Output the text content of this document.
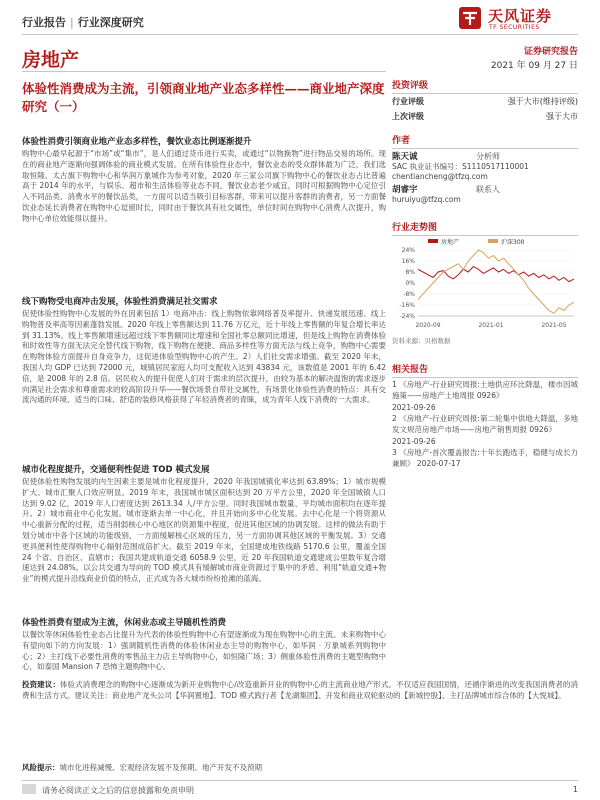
行业报告 | 行业深度研究	天风证券
TF SECURITIES
房地产	证券研究报告
2021 年 09 月 27 日
体验性消费成为主流，引领商业地产业态多样性——商业地产深度研究（一）
投资评级
行业评级	强于大市(维持评级)
上次评级	强于大市
作者
陈天诚	分析师
SAC 执业证书编号：S1110517110001
chentiancheng@tfzq.com
胡睿宇	联系人
huruiyu@tfzq.com
行业走势图
24%
16%
8%
0%
-8%
-16%
-24%
2020-09	2021-01	2021-05
房地产	沪深300
资料来源：贝格数据
相关报告
1 《房地产-行业研究周报:土地供应环比降温，楼市因城施策——房地产土地周报 0926》
2021-09-26
2 《房地产-行业研究周报:第二轮集中供地大降温，多地发文规范房地产市场——房地产销售周报 0926》
2021-09-26
3 《房地产-首次覆盖报告:十年长跑选手，稳健与成长力兼顾》 2020-07-17
体验性消费引领商业地产业态多样性，餐饮业态比例逐渐提升
购物中心最早起源于“市场”或“集市”，是人们通过货币进行买卖，或通过“以物换物”进行物品交易的场所。现在的商业地产逐渐向强调体验的商业模式发展。在所有体验性业态中，餐饮业态的受众群体最为广泛，我们选取恒隆、太古旗下购物中心和华润万象城作为参考对象，2020 年三家公司旗下购物中心的餐饮业态占比普遍高于 2014 年的水平，与娱乐、超市和生活体验等业态不同，餐饮业态老少咸宜，同时可根据购物中心定位引入不同品类、消费水平的餐饮品类，一方面可以适当吸引目标客群，带来可以提升客群的消费者，另一方面餐饮业态延长消费者在购物中心逗留时长，同时由于餐饮具有社交属性，单位时间在购物中心消费人次提升，购物中心单位效能得以提升。
线下购物受电商冲击发展，体验性消费满足社交需求
促使体验性购物中心发展的外在因素包括 1）电商冲击：线上购物依靠网络普及率提升、快递发展迅速、线上购物普及率高等因素蓬勃发展。2020 年线上零售额达到 11.76 万亿元，近十年线上零售额的年复合增长率达到 31.13%。线上零售额增速远超过线下零售额同比增速和全国社零总额同比增速，但是线上购物在消费体验和时效性等方面无法完全替代线下购物，线下购物在便捷、商品多样性等方面无法与线上竞争，购物中心需要在购物体验方面提升自身竞争力，这促进体验型购物中心的产生。2）人们社交需求增强。截至 2020 年末，我国人均 GDP 已达到 72000 元，城镇居民家庭人均可支配收入达到 43834 元，该数值是 2001 年的 6.42 倍，是 2008 年的 2.8 倍。居民收入的提升促使人们对于需求的层次提升，由较为基本的解决温饱的需求逐步向满足社会需求和尊重需求的较高阶段升华——餐饮场景自带社交属性，有场景化体验性消费的特点：具有交流沟通的环境、适当的口味、舒适的装修风格获得了年轻消费者的青睐，成为青年人线下消费的一大需求。
城市化程度提升，交通便利性促进 TOD 模式发展
促使体验性购物发展的内生因素主要是城市化程度提升，2020 年我国城镇化率达到 63.89%；1）城市规模扩大、城市汇聚人口效应明显。2019 年末，我国城市城区面积达到 20 万平方公里，2020 年全国城镇人口达到 9.02 亿，2019 年人口密度达到 2613.34 人/平方公里。同时我国城市数量、平均城市面积均在逐年提升。2）城市商业中心化发展。城市逐渐去单一中心化，并且开始向多中心化发展。去中心化是一个将资源从中心重新分配的过程，适当削弱核心中心地区的资源集中程度，促进其他区域的协调发展。这样的做法有助于划分城市中各个区域的功能级别，一方面缓解核心区域的压力，另一方面协调其他区域的平衡发展。3）交通更具便利性使得购物中心辐射范围成倍扩大。截至 2019 年末，全国建成地铁线路 5170.6 公里，覆盖全国 24 个省、自治区、直辖市；我国共建成轨道交通 6058.9 公里，近 20 年我国轨道交通建成公里数年复合增速达到 24.08%。以公共交通为导向的 TOD 模式具有缓解城市商业资源过于集中的矛盾、利用“轨道交通+物业”的模式提升沿线商业价值的特点，正式成为各大城市纷纷抢滩的蓝海。
体验性消费有望成为主流，休闲业态或主导随机性消费
以餐饮等休闲体验性业态占比提升为代表的体验性购物中心有望逐渐成为现在购物中心的主流。未来购物中心有望向如下的方向发展：1）强调随机性消费的体验休闲业态主导的购物中心，如华润 · 万象城系列购物中心；2）主打线下必要性消费的零售品主力店主导购物中心，如恒隆广场；3）侧重体验性消费的主题型购物中心，如泰国 Mansion 7 恐怖主题购物中心。
投资建议：体验式消费理念的购物中心逐渐成为新开业购物中心/改造重新开业的购物中心的主流商业地产形式。不仅适应我国国情，还循序渐进的改变我国消费者的消费和生活方式。建议关注：商业地产龙头公司【华润置地】、TOD 模式践行者【龙湖集团】、开发和商业双轮驱动的【新城控股】、主打品牌城市综合体的【大悦城】。
风险提示：城市化进程减慢、宏观经济发展不及预期、地产开发不及预期
请务必阅读正文之后的信息披露和免责申明	1
